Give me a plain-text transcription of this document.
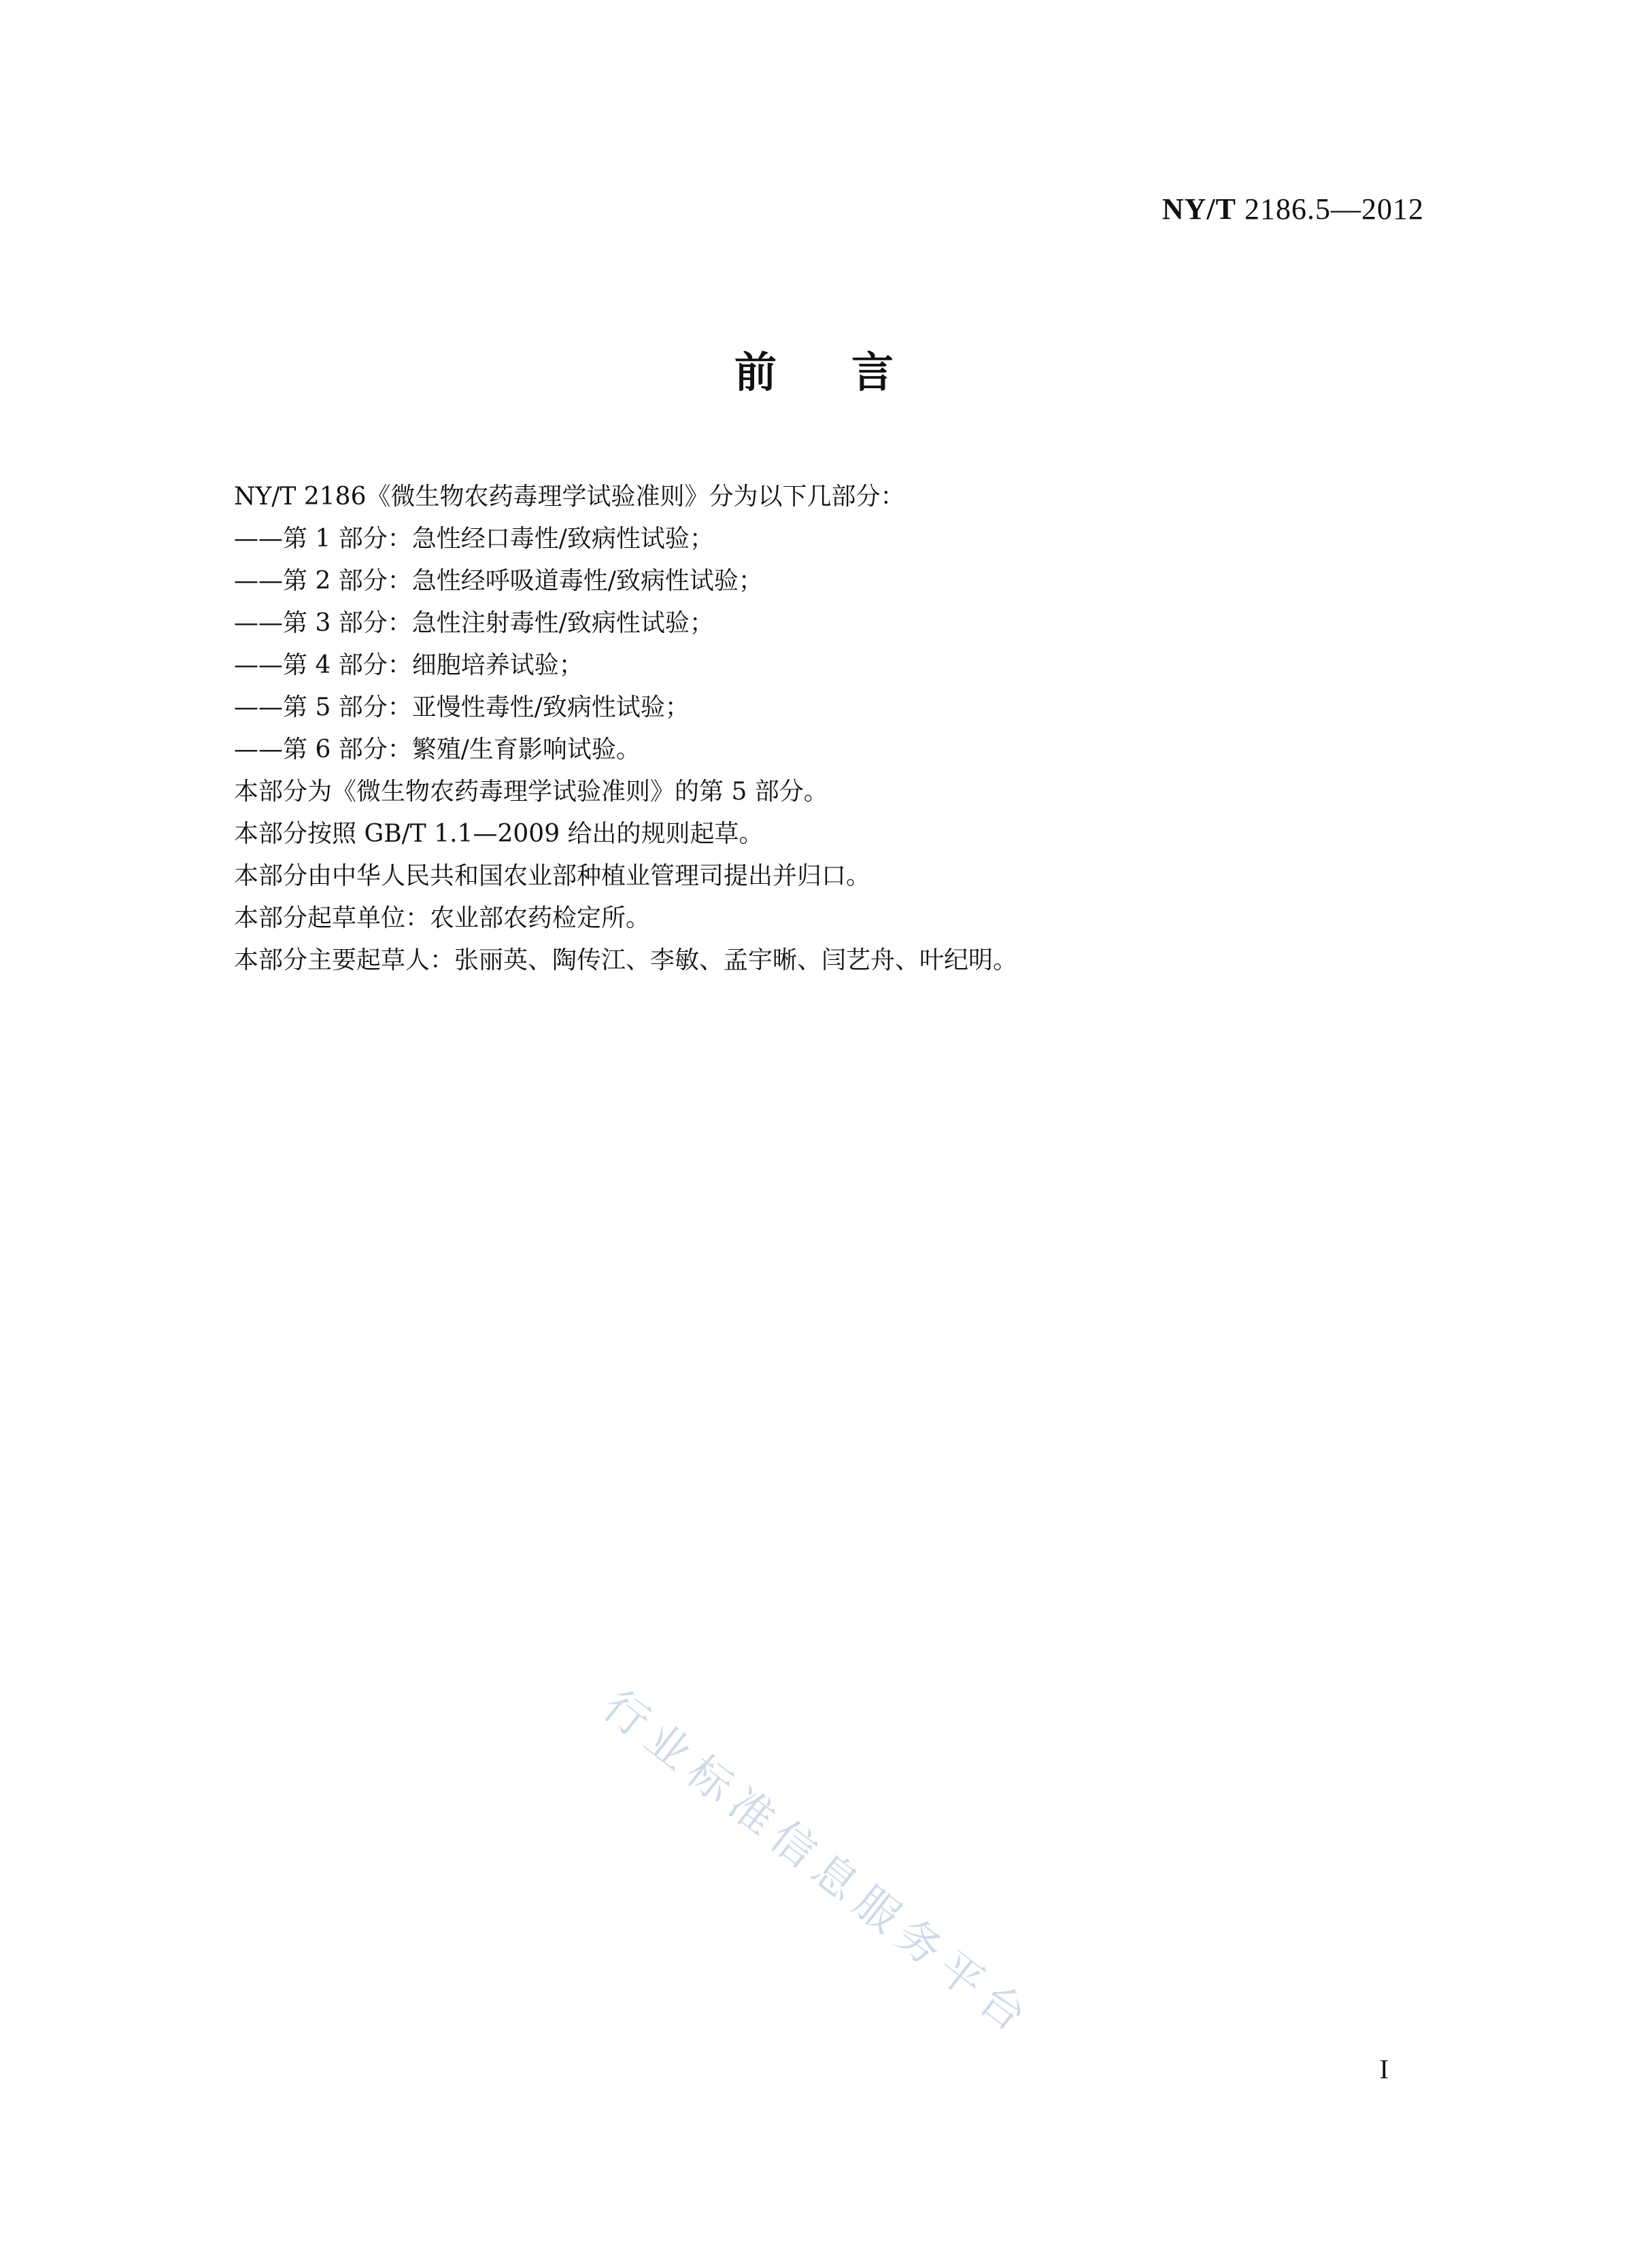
NY/T 2186.5—2012
前言

NY/T 2186《微生物农药毒理学试验准则》分为以下几部分：

——第 1 部分：急性经口毒性/致病性试验；

——第 2 部分：急性经呼吸道毒性/致病性试验；

——第 3 部分：急性注射毒性/致病性试验；

——第 4 部分：细胞培养试验；

——第 5 部分：亚慢性毒性/致病性试验；

——第 6 部分：繁殖/生育影响试验。

本部分为《微生物农药毒理学试验准则》的第 5 部分。

本部分按照 GB/T 1.1—2009 给出的规则起草。

本部分由中华人民共和国农业部种植业管理司提出并归口。

本部分起草单位：农业部农药检定所。

本部分主要起草人：张丽英、陶传江、李敏、孟宇晰、闫艺舟、叶纪明。

行业标准信息服务平台
I
